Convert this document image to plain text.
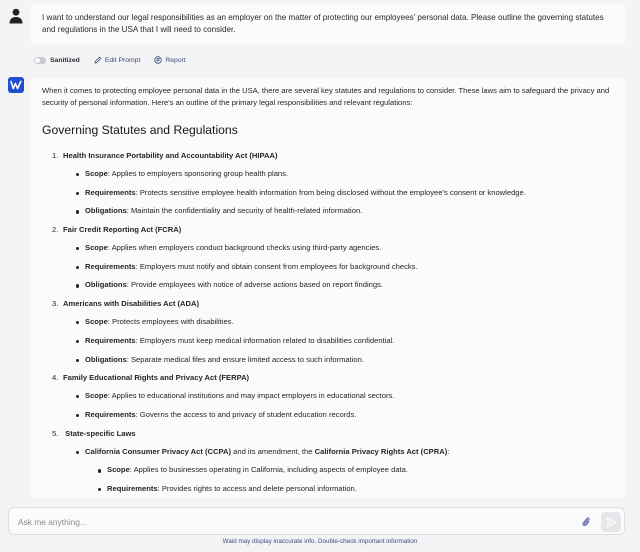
I want to understand our legal responsibilities as an employer on the matter of protecting our employees' personal data. Please outline the governing statutes and regulations in the USA that I will need to consider.
Sanitized	Edit Prompt	Report

When it comes to protecting employee personal data in the USA, there are several key statutes and regulations to consider. These laws aim to safeguard the privacy and security of personal information. Here's an outline of the primary legal responsibilities and relevant regulations:

Governing Statutes and Regulations
1. Health Insurance Portability and Accountability Act (HIPAA)
Scope: Applies to employers sponsoring group health plans.
Requirements: Protects sensitive employee health information from being disclosed without the employee's consent or knowledge.
Obligations: Maintain the confidentiality and security of health-related information.
2. Fair Credit Reporting Act (FCRA)
Scope: Applies when employers conduct background checks using third-party agencies.
Requirements: Employers must notify and obtain consent from employees for background checks.
Obligations: Provide employees with notice of adverse actions based on report findings.
3. Americans with Disabilities Act (ADA)
Scope: Protects employees with disabilities.
Requirements: Employers must keep medical information related to disabilities confidential.
Obligations: Separate medical files and ensure limited access to such information.
4. Family Educational Rights and Privacy Act (FERPA)
Scope: Applies to educational institutions and may impact employers in educational sectors.
Requirements: Governs the access to and privacy of student education records.
5. State-specific Laws
California Consumer Privacy Act (CCPA) and its amendment, the California Privacy Rights Act (CPRA):
Scope: Applies to businesses operating in California, including aspects of employee data.
Requirements: Provides rights to access and delete personal information.
Ask me anything...
Waid may display inaccurate info. Double-check important information
